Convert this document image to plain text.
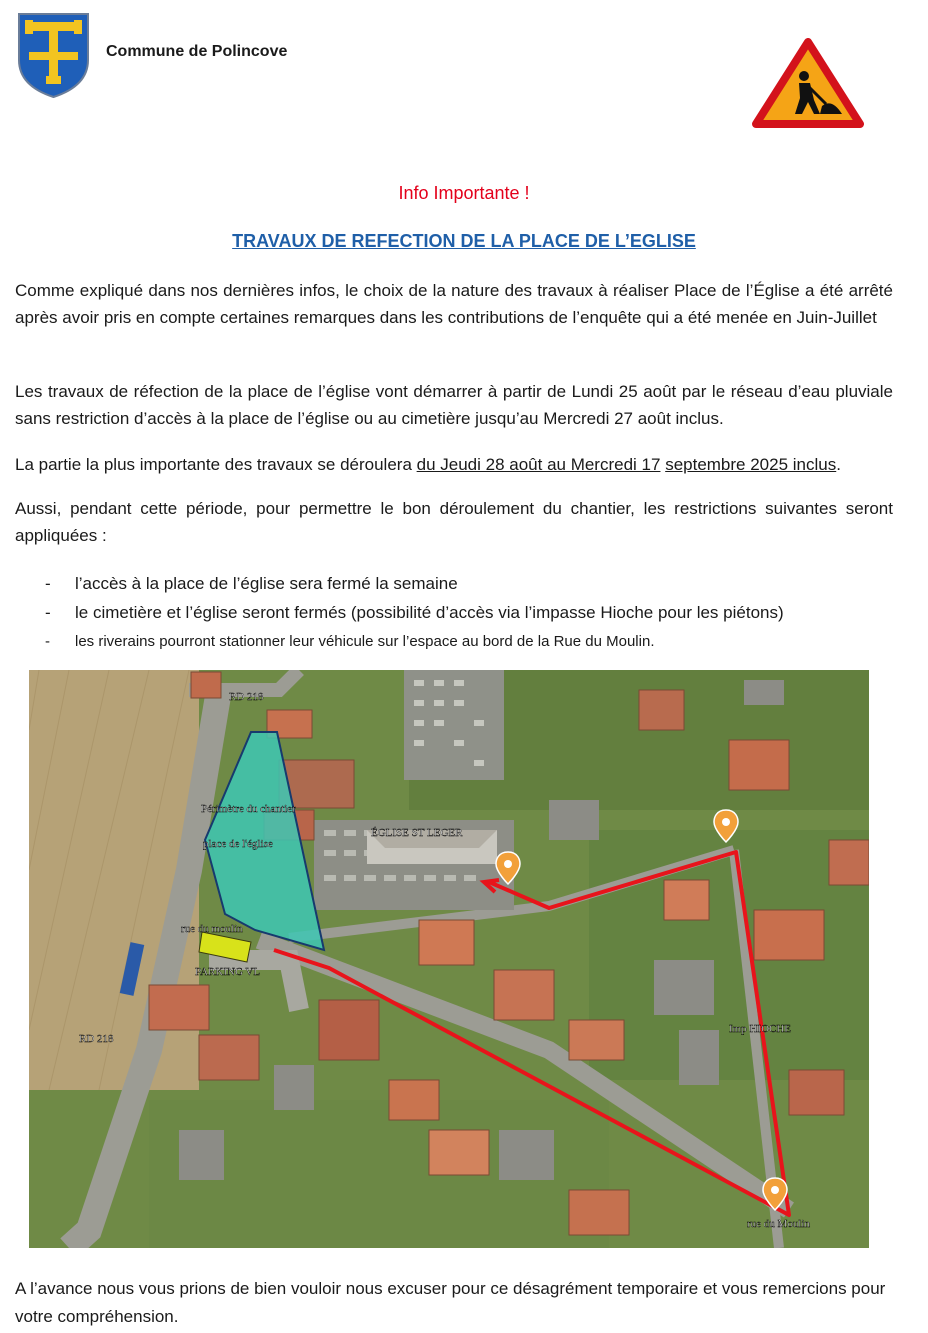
Commune de Polincove
Info Importante !
TRAVAUX DE REFECTION DE LA PLACE DE L’EGLISE
Comme expliqué dans nos dernières infos, le choix de la nature des travaux à réaliser Place de l’Église a été arrêté après avoir pris en compte certaines remarques dans les contributions de l’enquête qui a été menée en Juin-Juillet
Les travaux de réfection de la place de l’église vont démarrer à partir de Lundi 25 août par le réseau d’eau pluviale sans restriction d’accès à la place de l’église ou au cimetière jusqu’au Mercredi 27 août inclus.
La partie la plus importante des travaux se déroulera du Jeudi 28 août au Mercredi 17 septembre 2025 inclus.
Aussi, pendant cette période, pour permettre le bon déroulement du chantier, les restrictions suivantes seront appliquées :
- l’accès à la place de l’église sera fermé la semaine
- le cimetière et l’église seront fermés (possibilité d’accès via l’impasse Hioche pour les piétons)
- les riverains pourront stationner leur véhicule sur l’espace au bord de la Rue du Moulin.
RD 218
RD 218
Périmètre du chantier
place de l'église
ÉGLISE ST LEGER
rue du moulin
PARKING VL
Imp HIOCHE
rue du Moulin
A l’avance nous vous prions de bien vouloir nous excuser pour ce désagrément temporaire et vous remercions pour votre compréhension.
